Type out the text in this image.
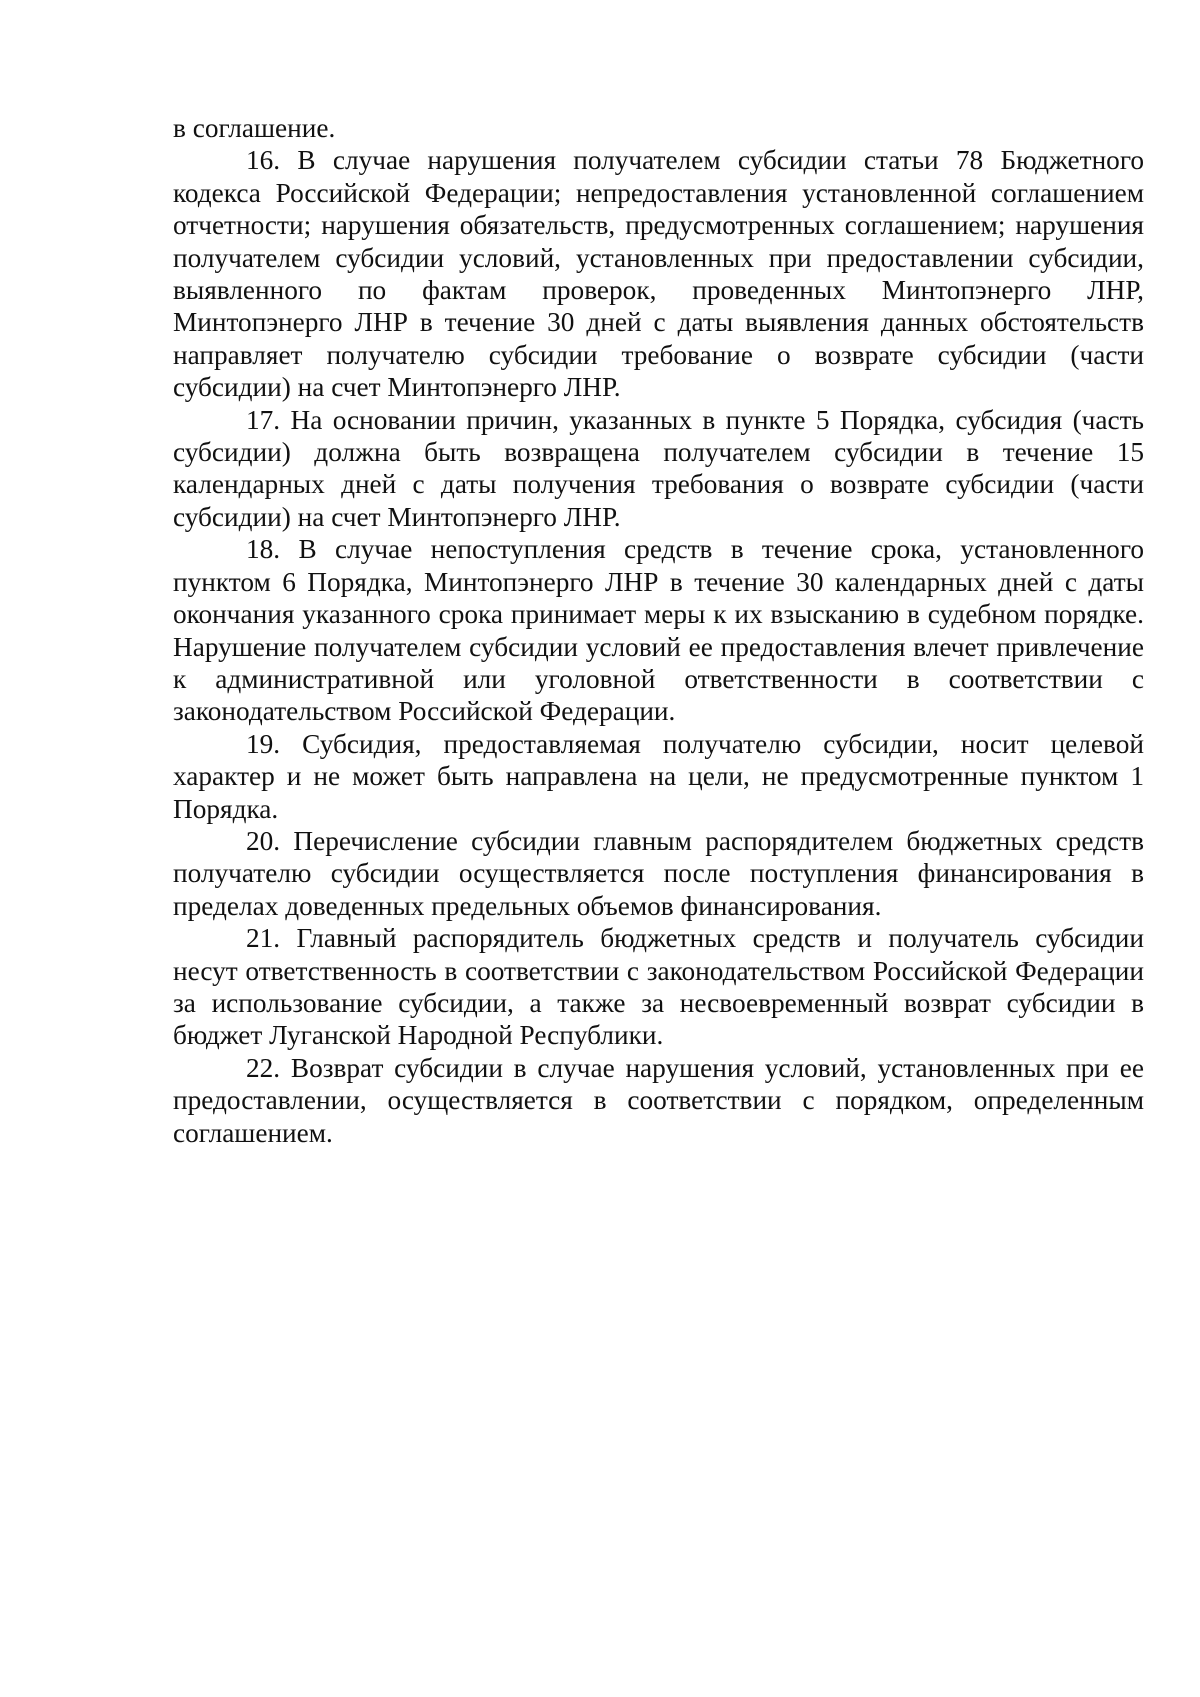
в соглашение.

16. В случае нарушения получателем субсидии статьи 78 Бюджетного кодекса Российской Федерации; непредоставления установленной соглашением отчетности; нарушения обязательств, предусмотренных соглашением; нарушения получателем субсидии условий, установленных при предоставлении субсидии, выявленного по фактам проверок, проведенных Минтопэнерго ЛНР, Минтопэнерго ЛНР в течение 30 дней с даты выявления данных обстоятельств направляет получателю субсидии требование о возврате субсидии (части субсидии) на счет Минтопэнерго ЛНР.

17. На основании причин, указанных в пункте 5 Порядка, субсидия (часть субсидии) должна быть возвращена получателем субсидии в течение 15 календарных дней с даты получения требования о возврате субсидии (части субсидии) на счет Минтопэнерго ЛНР.

18. В случае непоступления средств в течение срока, установленного пунктом 6 Порядка, Минтопэнерго ЛНР в течение 30 календарных дней с даты окончания указанного срока принимает меры к их взысканию в судебном порядке. Нарушение получателем субсидии условий ее предоставления влечет привлечение к административной или уголовной ответственности в соответствии с законодательством Российской Федерации.

19. Субсидия, предоставляемая получателю субсидии, носит целевой характер и не может быть направлена на цели, не предусмотренные пунктом 1 Порядка.

20. Перечисление субсидии главным распорядителем бюджетных средств получателю субсидии осуществляется после поступления финансирования в пределах доведенных предельных объемов финансирования.

21. Главный распорядитель бюджетных средств и получатель субсидии несут ответственность в соответствии с законодательством Российской Федерации за использование субсидии, а также за несвоевременный возврат субсидии в бюджет Луганской Народной Республики.

22. Возврат субсидии в случае нарушения условий, установленных при ее предоставлении, осуществляется в соответствии с порядком, определенным соглашением.
